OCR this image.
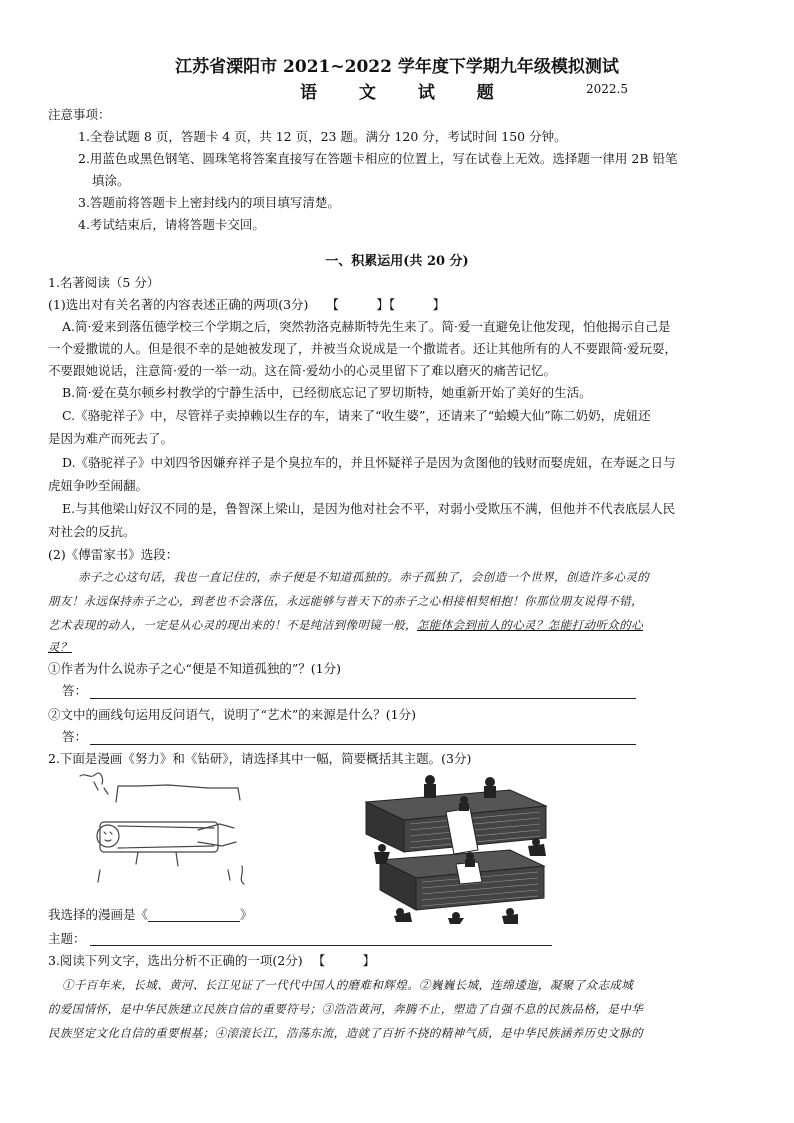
江苏省溧阳市 2021~2022 学年度下学期九年级模拟测试
语 文 试 题	2022.5
注意事项：
1.全卷试题 8 页，答题卡 4 页，共 12 页，23 题。满分 120 分，考试时间 150 分钟。
2.用蓝色或黑色钢笔、圆珠笔将答案直接写在答题卡相应的位置上，写在试卷上无效。选择题一律用 2B 铅笔
填涂。
3.答题前将答题卡上密封线内的项目填写清楚。
4.考试结束后，请将答题卡交回。
一、积累运用(共 20 分)
1.名著阅读（5 分）
(1)选出对有关名著的内容表述正确的两项(3分) 【　　　】【　　　】
A.简·爱来到落伍德学校三个学期之后，突然勃洛克赫斯特先生来了。简·爱一直避免让他发现，怕他揭示自己是
一个爱撒谎的人。但是很不幸的是她被发现了，并被当众说成是一个撒谎者。还让其他所有的人不要跟简·爱玩耍，
不要跟她说话，注意简·爱的一举一动。这在简·爱幼小的心灵里留下了难以磨灭的痛苦记忆。
B.简·爱在莫尔顿乡村教学的宁静生活中，已经彻底忘记了罗切斯特，她重新开始了美好的生活。
C.《骆驼祥子》中，尽管祥子卖掉赖以生存的车，请来了“收生婆”，还请来了“蛤蟆大仙”陈二奶奶，虎妞还
是因为难产而死去了。
D.《骆驼祥子》中刘四爷因嫌弃祥子是个臭拉车的，并且怀疑祥子是因为贪图他的钱财而娶虎妞，在寿诞之日与
虎妞争吵至闹翻。
E.与其他梁山好汉不同的是，鲁智深上梁山，是因为他对社会不平，对弱小受欺压不满，但他并不代表底层人民
对社会的反抗。
(2)《傅雷家书》选段：
赤子之心这句话，我也一直记住的，赤子便是不知道孤独的。赤子孤独了，会创造一个世界，创造许多心灵的
朋友！永远保持赤子之心，到老也不会落伍，永远能够与普天下的赤子之心相接相契相抱！你那位朋友说得不错，
艺术表现的动人，一定是从心灵的现出来的！不是纯洁到像明镜一般，怎能体会到前人的心灵？怎能打动听众的心
灵？
①作者为什么说赤子之心“便是不知道孤独的”？(1分)
答：
②文中的画线句运用反问语气，说明了“艺术”的来源是什么？(1分)
答：
2.下面是漫画《努力》和《钻研》，请选择其中一幅，简要概括其主题。(3分)
我选择的漫画是《	》
主题：
3.阅读下列文字，选出分析不正确的一项(2分) 【　　　】
①千百年来，长城、黄河、长江见证了一代代中国人的磨难和辉煌。②巍巍长城，连绵逶迤，凝聚了众志成城
的爱国情怀，是中华民族建立民族自信的重要符号；③浩浩黄河，奔腾不止，塑造了自强不息的民族品格，是中华
民族坚定文化自信的重要根基；④滚滚长江，浩荡东流，造就了百折不挠的精神气质，是中华民族涵养历史文脉的
